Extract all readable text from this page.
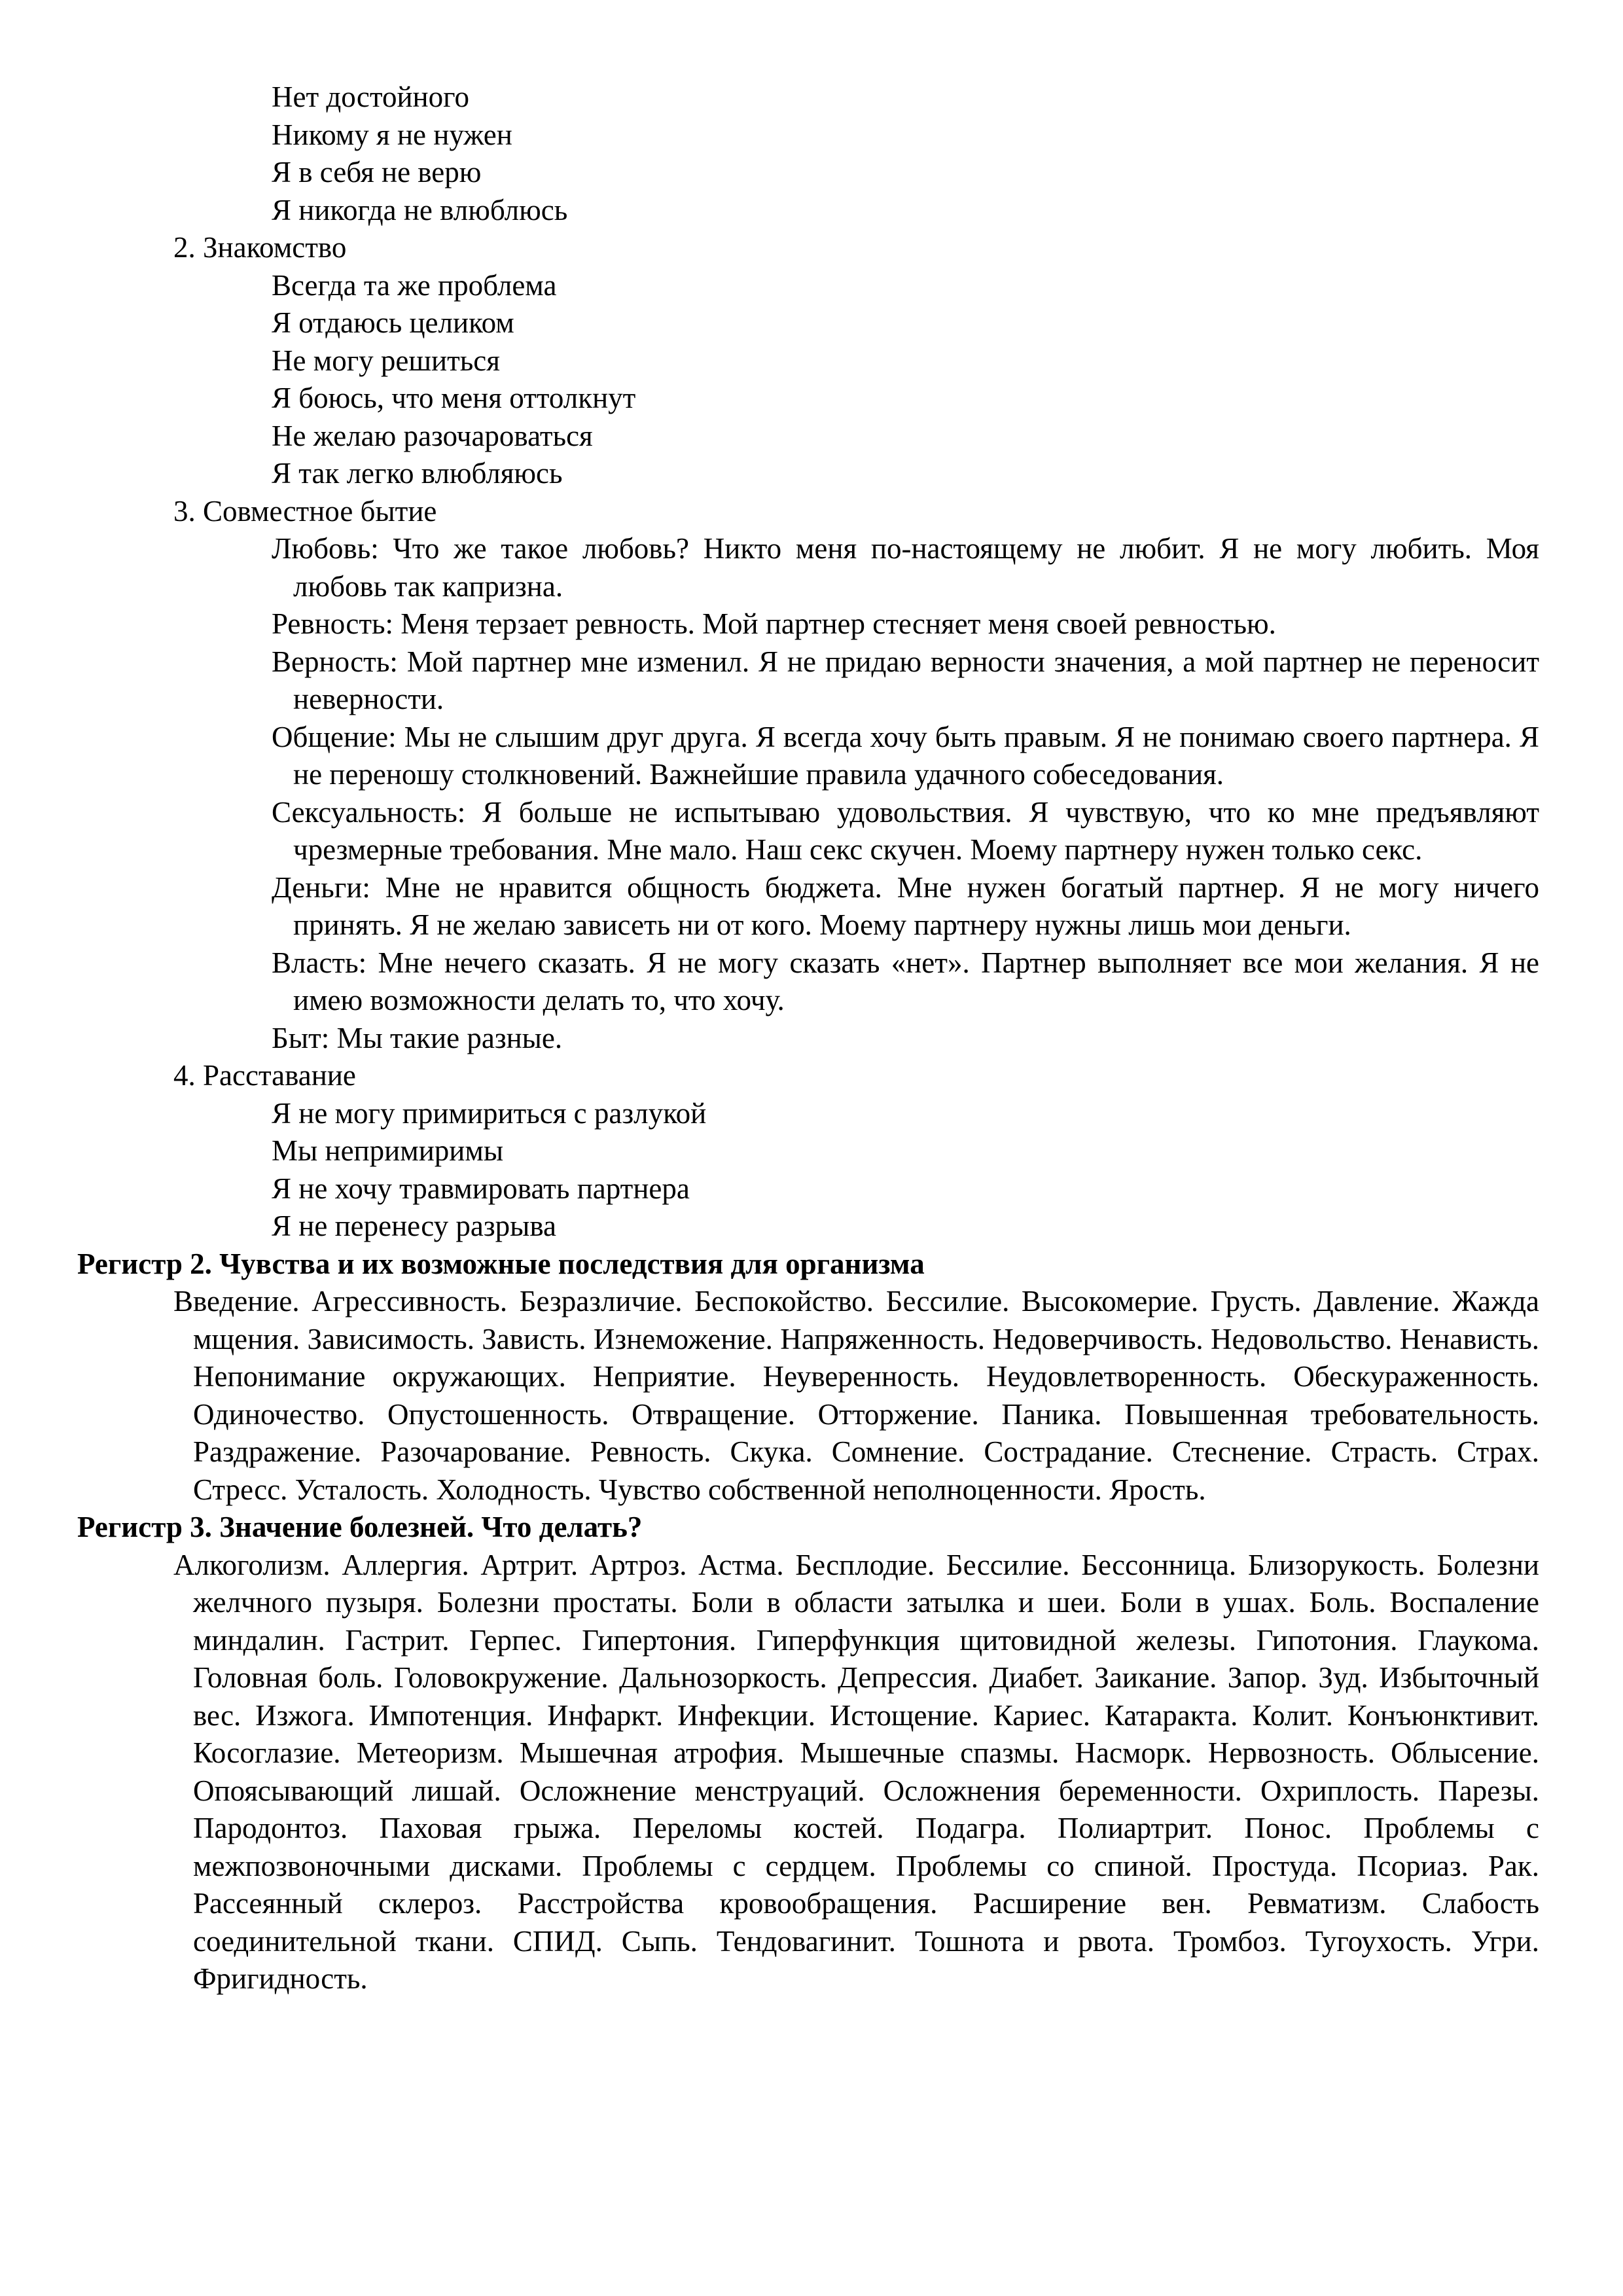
Нет достойного
Никому я не нужен
Я в себя не верю
Я никогда не влюблюсь
2. Знакомство
Всегда та же проблема
Я отдаюсь целиком
Не могу решиться
Я боюсь, что меня оттолкнут
Не желаю разочароваться
Я так легко влюбляюсь
3. Совместное бытие
Любовь: Что же такое любовь? Никто меня по-настоящему не любит. Я не могу любить. Моя любовь так капризна.
Ревность: Меня терзает ревность. Мой партнер стесняет меня своей ревностью.
Верность: Мой партнер мне изменил. Я не придаю верности значения, а мой партнер не переносит неверности.
Общение: Мы не слышим друг друга. Я всегда хочу быть правым. Я не понимаю своего партнера. Я не переношу столкновений. Важнейшие правила удачного собеседования.
Сексуальность: Я больше не испытываю удовольствия. Я чувствую, что ко мне предъявляют чрезмерные требования. Мне мало. Наш секс скучен. Моему партнеру нужен только секс.
Деньги: Мне не нравится общность бюджета. Мне нужен богатый партнер. Я не могу ничего принять. Я не желаю зависеть ни от кого. Моему партнеру нужны лишь мои деньги.
Власть: Мне нечего сказать. Я не могу сказать «нет». Партнер выполняет все мои желания. Я не имею возможности делать то, что хочу.
Быт: Мы такие разные.
4. Расставание
Я не могу примириться с разлукой
Мы непримиримы
Я не хочу травмировать партнера
Я не перенесу разрыва
Регистр 2. Чувства и их возможные последствия для организма
Введение. Агрессивность. Безразличие. Беспокойство. Бессилие. Высокомерие. Грусть. Давление. Жажда мщения. Зависимость. Зависть. Изнеможение. Напряженность. Недоверчивость. Недовольство. Ненависть. Непонимание окружающих. Неприятие. Неуверенность. Неудовлетворенность. Обескураженность. Одиночество. Опустошенность. Отвращение. Отторжение. Паника. Повышенная требовательность. Раздражение. Разочарование. Ревность. Скука. Сомнение. Сострадание. Стеснение. Страсть. Страх. Стресс. Усталость. Холодность. Чувство собственной неполноценности. Ярость.
Регистр 3. Значение болезней. Что делать?
Алкоголизм. Аллергия. Артрит. Артроз. Астма. Бесплодие. Бессилие. Бессонница. Близорукость. Болезни желчного пузыря. Болезни простаты. Боли в области затылка и шеи. Боли в ушах. Боль. Воспаление миндалин. Гастрит. Герпес. Гипертония. Гиперфункция щитовидной железы. Гипотония. Глаукома. Головная боль. Головокружение. Дальнозоркость. Депрессия. Диабет. Заикание. Запор. Зуд. Избыточный вес. Изжога. Импотенция. Инфаркт. Инфекции. Истощение. Кариес. Катаракта. Колит. Конъюнктивит. Косоглазие. Метеоризм. Мышечная атрофия. Мышечные спазмы. Насморк. Нервозность. Облысение. Опоясывающий лишай. Осложнение менструаций. Осложнения беременности. Охриплость. Парезы. Пародонтоз. Паховая грыжа. Переломы костей. Подагра. Полиартрит. Понос. Проблемы с межпозвоночными дисками. Проблемы с сердцем. Проблемы со спиной. Простуда. Псориаз. Рак. Рассеянный склероз. Расстройства кровообращения. Расширение вен. Ревматизм. Слабость соединительной ткани. СПИД. Сыпь. Тендовагинит. Тошнота и рвота. Тромбоз. Тугоухость. Угри. Фригидность.
